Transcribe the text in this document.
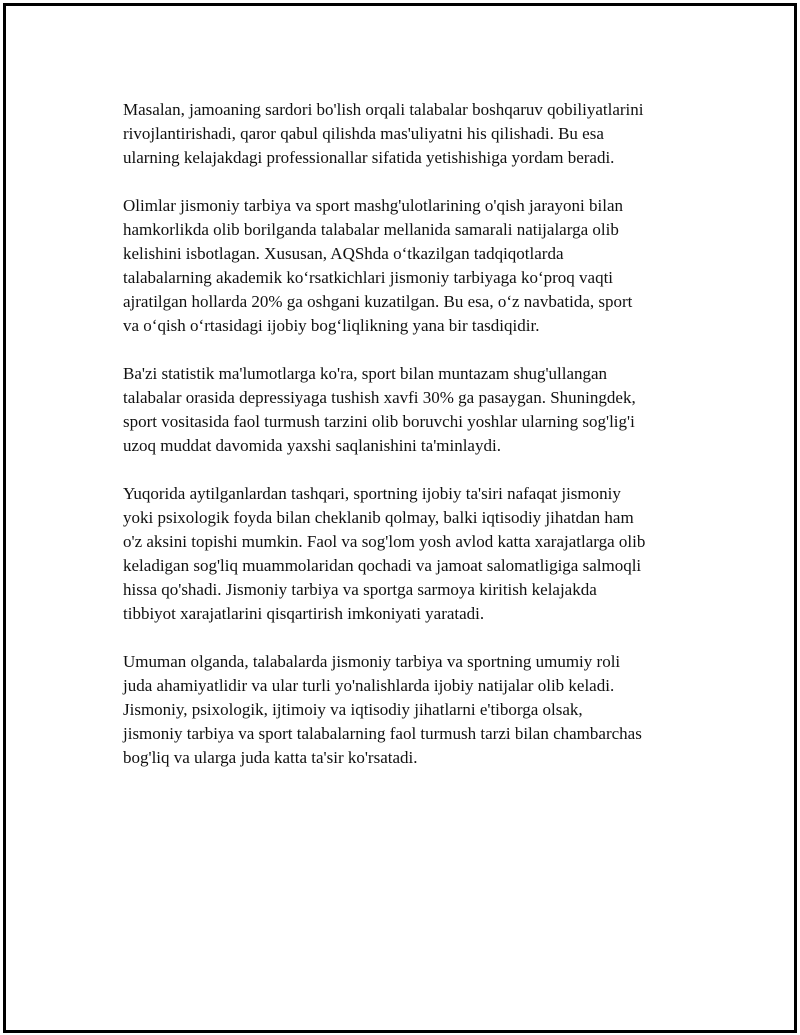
Masalan, jamoaning sardori bo'lish orqali talabalar boshqaruv qobiliyatlarini
rivojlantirishadi, qaror qabul qilishda mas'uliyatni his qilishadi. Bu esa
ularning kelajakdagi professionallar sifatida yetishishiga yordam beradi.

Olimlar jismoniy tarbiya va sport mashg'ulotlarining o'qish jarayoni bilan
hamkorlikda olib borilganda talabalar mellanida samarali natijalarga olib
kelishini isbotlagan. Xususan, AQShda o‘tkazilgan tadqiqotlarda
talabalarning akademik ko‘rsatkichlari jismoniy tarbiyaga ko‘proq vaqti
ajratilgan hollarda 20% ga oshgani kuzatilgan. Bu esa, o‘z navbatida, sport
va o‘qish o‘rtasidagi ijobiy bog‘liqlikning yana bir tasdiqidir.

Ba'zi statistik ma'lumotlarga ko'ra, sport bilan muntazam shug'ullangan
talabalar orasida depressiyaga tushish xavfi 30% ga pasaygan. Shuningdek,
sport vositasida faol turmush tarzini olib boruvchi yoshlar ularning sog'lig'i
uzoq muddat davomida yaxshi saqlanishini ta'minlaydi.

Yuqorida aytilganlardan tashqari, sportning ijobiy ta'siri nafaqat jismoniy
yoki psixologik foyda bilan cheklanib qolmay, balki iqtisodiy jihatdan ham
o'z aksini topishi mumkin. Faol va sog'lom yosh avlod katta xarajatlarga olib
keladigan sog'liq muammolaridan qochadi va jamoat salomatligiga salmoqli
hissa qo'shadi. Jismoniy tarbiya va sportga sarmoya kiritish kelajakda
tibbiyot xarajatlarini qisqartirish imkoniyati yaratadi.

Umuman olganda, talabalarda jismoniy tarbiya va sportning umumiy roli
juda ahamiyatlidir va ular turli yo'nalishlarda ijobiy natijalar olib keladi.
Jismoniy, psixologik, ijtimoiy va iqtisodiy jihatlarni e'tiborga olsak,
jismoniy tarbiya va sport talabalarning faol turmush tarzi bilan chambarchas
bog'liq va ularga juda katta ta'sir ko'rsatadi.
